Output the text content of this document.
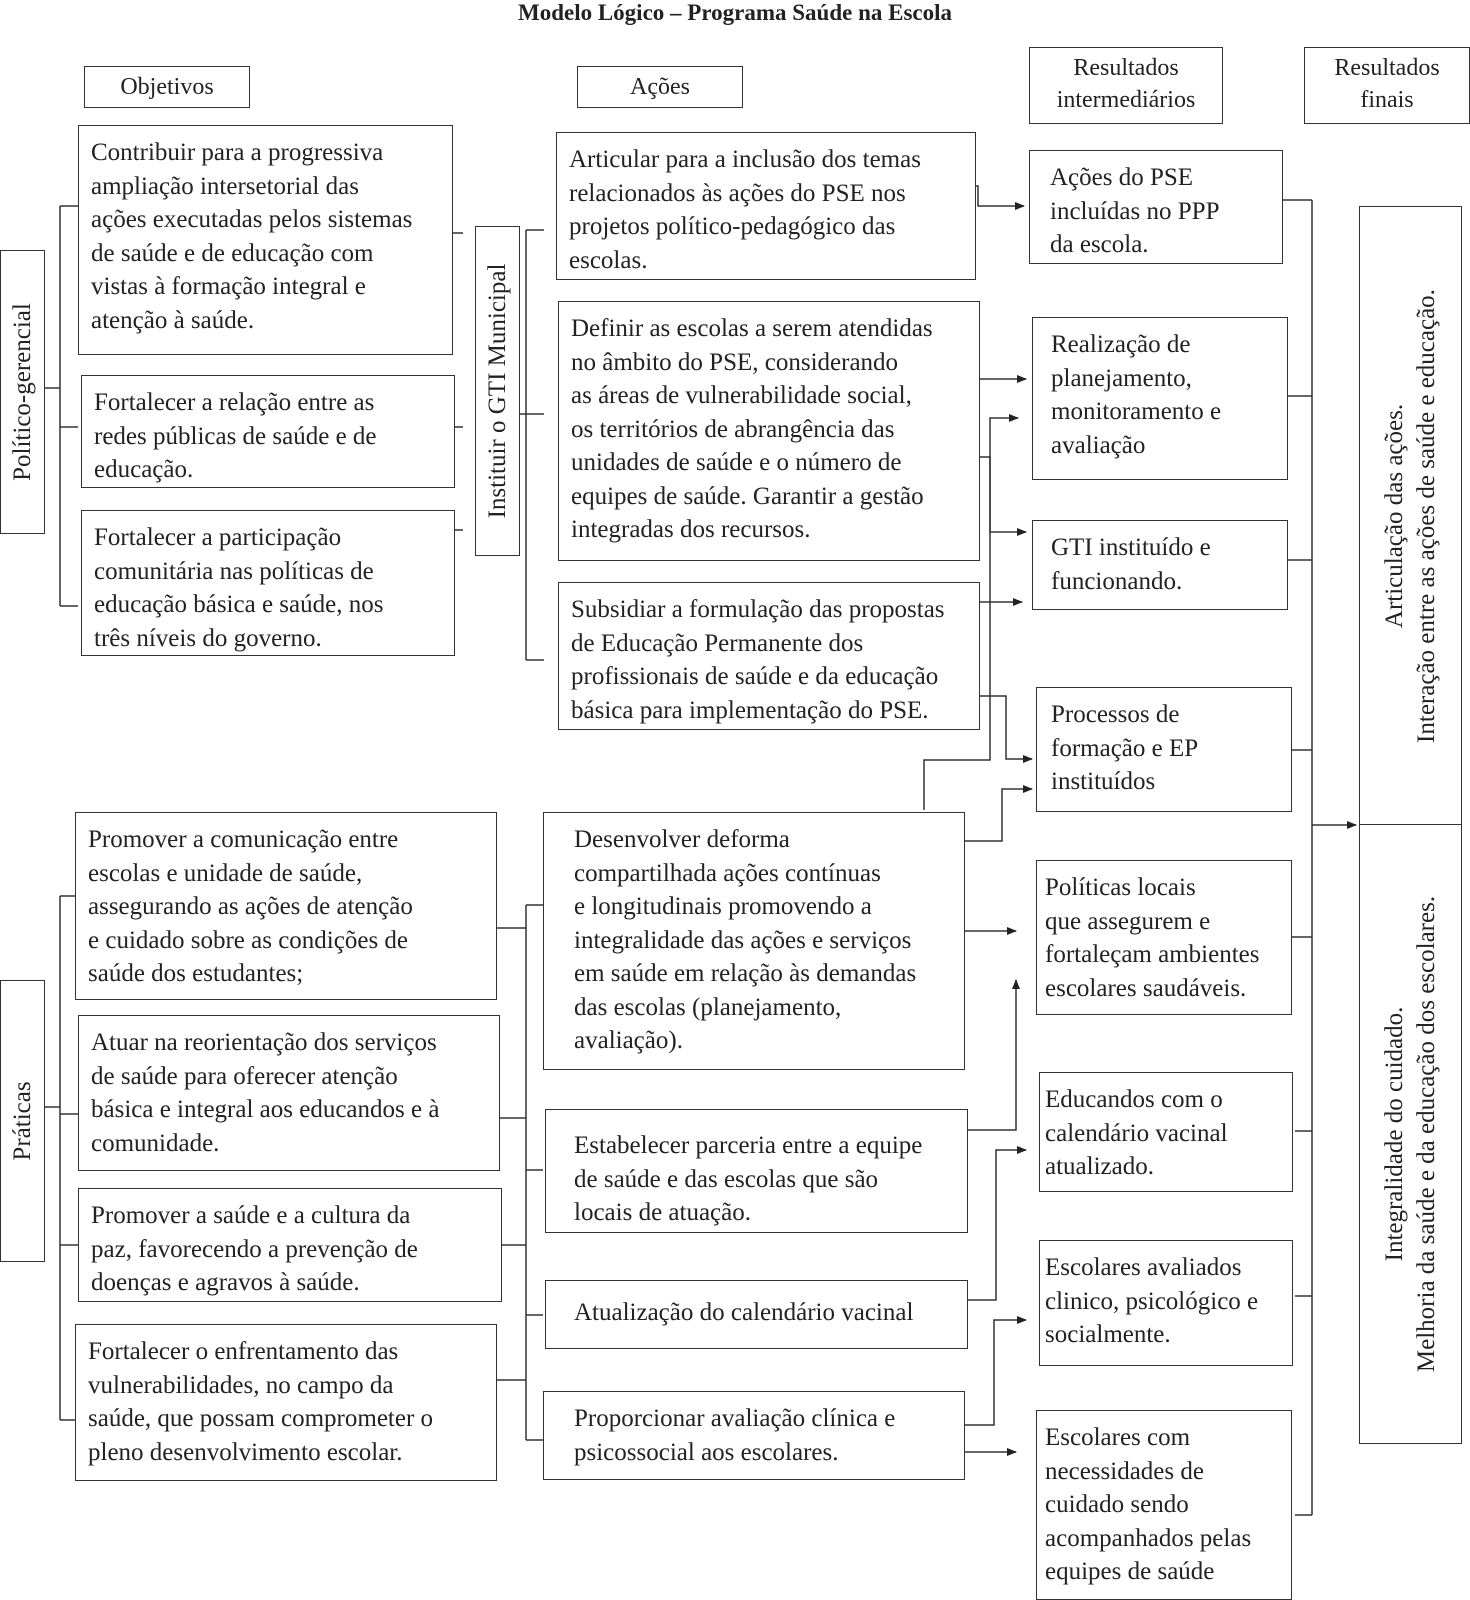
Modelo Lógico – Programa Saúde na Escola
Objetivos	Ações
Resultados
intermediários
Resultados
finais

Político-gerencial

Práticas

Instituir o GTI Municipal

Contribuir para a progressiva
ampliação intersetorial das
ações executadas pelos sistemas
de saúde e de educação com
vistas à formação integral e
atenção à saúde.
Fortalecer a relação entre as
redes públicas de saúde e de
educação.
Fortalecer a participação
comunitária nas políticas de
educação básica e saúde, nos
três níveis do governo.
Promover a comunicação entre
escolas e unidade de saúde,
assegurando as ações de atenção
e cuidado sobre as condições de
saúde dos estudantes;
Atuar na reorientação dos serviços
de saúde para oferecer atenção
básica e integral aos educandos e à
comunidade.
Promover a saúde e a cultura da
paz, favorecendo a prevenção de
doenças e agravos à saúde.
Fortalecer o enfrentamento das
vulnerabilidades, no campo da
saúde, que possam comprometer o
pleno desenvolvimento escolar.
Articular para a inclusão dos temas
relacionados às ações do PSE nos
projetos político-pedagógico das
escolas.
Definir as escolas a serem atendidas
no âmbito do PSE, considerando
as áreas de vulnerabilidade social,
os territórios de abrangência das
unidades de saúde e o número de
equipes de saúde. Garantir a gestão
integradas dos recursos.
Subsidiar a formulação das propostas
de Educação Permanente dos
profissionais de saúde e da educação
básica para implementação do PSE.
Desenvolver deforma
compartilhada ações contínuas
e longitudinais promovendo a
integralidade das ações e serviços
em saúde em relação às demandas
das escolas (planejamento,
avaliação).
Estabelecer parceria entre a equipe
de saúde e das escolas que são
locais de atuação.
Atualização do calendário vacinal
Proporcionar avaliação clínica e
psicossocial aos escolares.
Ações do PSE
incluídas no PPP
da escola.
Realização de
planejamento,
monitoramento e
avaliação
GTI instituído e
funcionando.
Processos de
formação e EP
instituídos
Políticas locais
que assegurem e
fortaleçam ambientes
escolares saudáveis.
Educandos com o
calendário vacinal
atualizado.
Escolares avaliados
clinico, psicológico e
socialmente.
Escolares com
necessidades de
cuidado sendo
acompanhados pelas
equipes de saúde

Articulação das ações.
Interação entre as ações de saúde e educação.

Integralidade do cuidado.
Melhoria da saúde e da educação dos escolares.
